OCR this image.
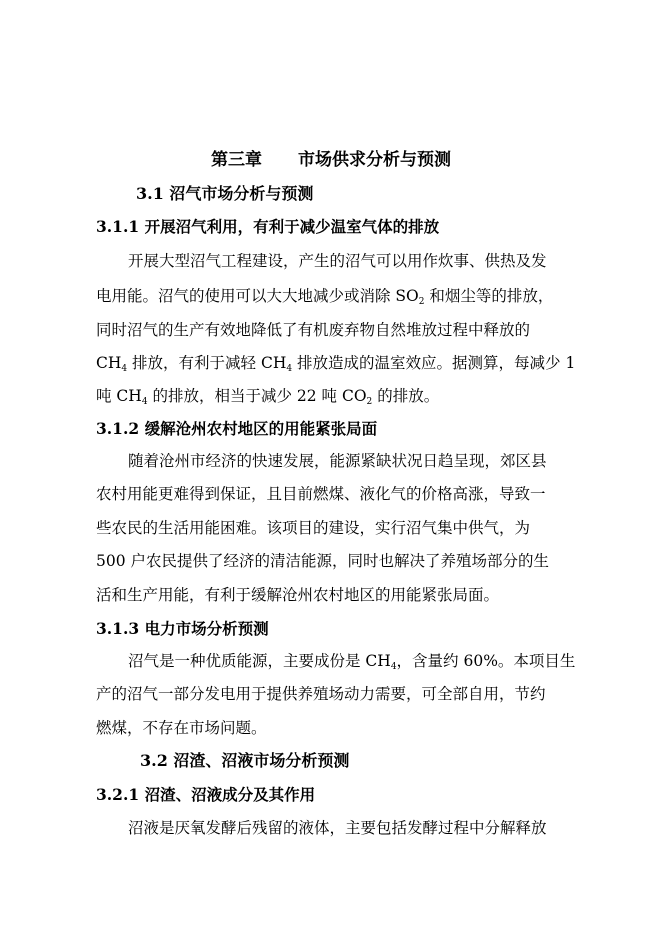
第三章 市场供求分析与预测
3.1 沼气市场分析与预测
3.1.1 开展沼气利用，有利于减少温室气体的排放
开展大型沼气工程建设，产生的沼气可以用作炊事、供热及发
电用能。沼气的使用可以大大地减少或消除 $SO_2$ 和烟尘等的排放，
同时沼气的生产有效地降低了有机废弃物自然堆放过程中释放的
$CH_4$ 排放，有利于减轻 $CH_4$ 排放造成的温室效应。据测算，每减少 1
吨 $CH_4$ 的排放，相当于减少 22 吨 $CO_2$ 的排放。
3.1.2 缓解沧州农村地区的用能紧张局面
随着沧州市经济的快速发展，能源紧缺状况日趋呈现，郊区县
农村用能更难得到保证，且目前燃煤、液化气的价格高涨，导致一
些农民的生活用能困难。该项目的建设，实行沼气集中供气，为
500 户农民提供了经济的清洁能源，同时也解决了养殖场部分的生
活和生产用能，有利于缓解沧州农村地区的用能紧张局面。
3.1.3 电力市场分析预测
沼气是一种优质能源，主要成份是 $CH_4$，含量约 60%。本项目生
产的沼气一部分发电用于提供养殖场动力需要，可全部自用，节约
燃煤，不存在市场问题。
3.2 沼渣、沼液市场分析预测
3.2.1 沼渣、沼液成分及其作用
沼液是厌氧发酵后残留的液体，主要包括发酵过程中分解释放
